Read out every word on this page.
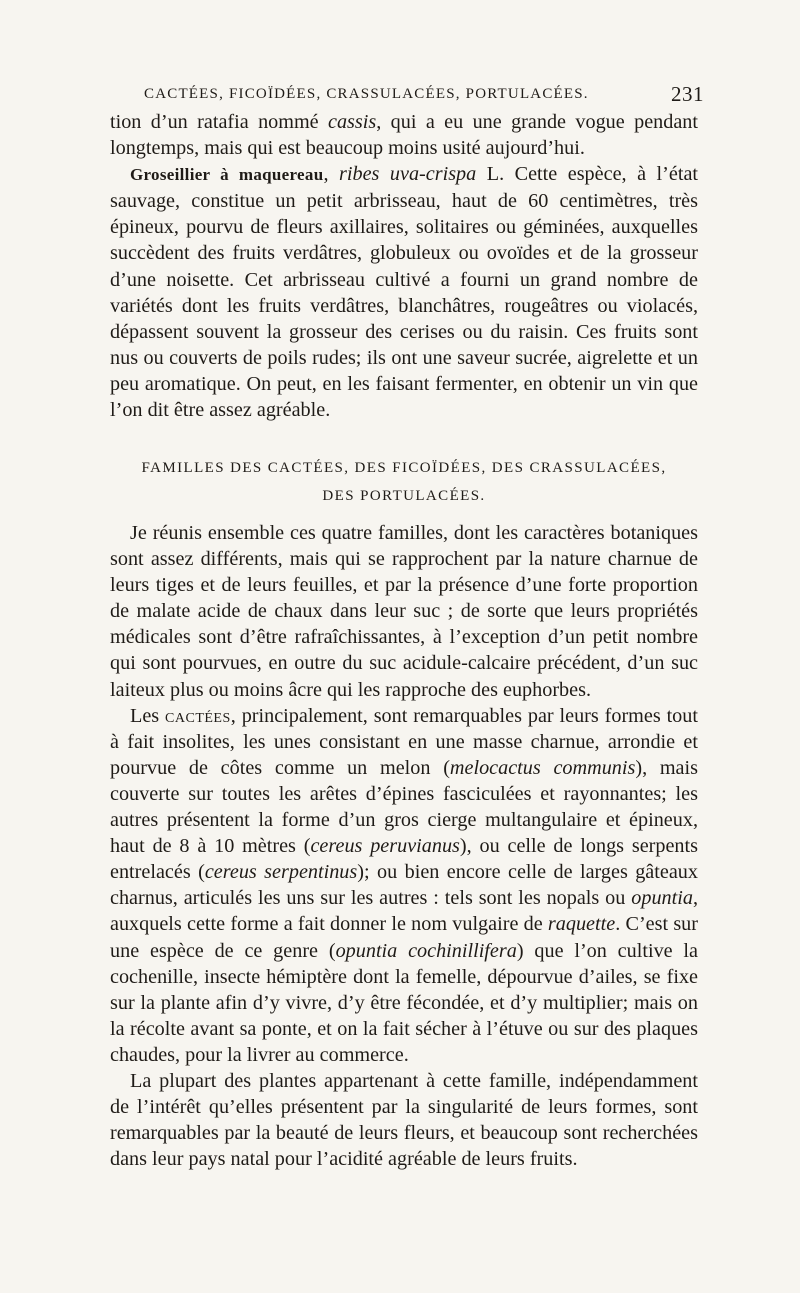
CACTÉES, FICOÏDÉES, CRASSULACÉES, PORTULACÉES.	231

tion d’un ratafia nommé cassis, qui a eu une grande vogue pendant longtemps, mais qui est beaucoup moins usité aujourd’hui.

Groseillier à maquereau, ribes uva-crispa L. Cette espèce, à l’état sauvage, constitue un petit arbrisseau, haut de 60 centimètres, très épineux, pourvu de fleurs axillaires, solitaires ou géminées, auxquelles succèdent des fruits verdâtres, globuleux ou ovoïdes et de la grosseur d’une noisette. Cet arbrisseau cultivé a fourni un grand nombre de variétés dont les fruits verdâtres, blanchâtres, rougeâtres ou violacés, dépassent souvent la grosseur des cerises ou du raisin. Ces fruits sont nus ou couverts de poils rudes; ils ont une saveur sucrée, aigrelette et un peu aromatique. On peut, en les faisant fermenter, en obtenir un vin que l’on dit être assez agréable.

FAMILLES DES CACTÉES, DES FICOÏDÉES, DES CRASSULACÉES,
DES PORTULACÉES.

Je réunis ensemble ces quatre familles, dont les caractères botaniques sont assez différents, mais qui se rapprochent par la nature charnue de leurs tiges et de leurs feuilles, et par la présence d’une forte proportion de malate acide de chaux dans leur suc ; de sorte que leurs propriétés médicales sont d’être rafraîchissantes, à l’exception d’un petit nombre qui sont pourvues, en outre du suc acidule-calcaire précédent, d’un suc laiteux plus ou moins âcre qui les rapproche des euphorbes.

Les cactées, principalement, sont remarquables par leurs formes tout à fait insolites, les unes consistant en une masse charnue, arrondie et pourvue de côtes comme un melon (melocactus communis), mais couverte sur toutes les arêtes d’épines fasciculées et rayonnantes; les autres présentent la forme d’un gros cierge multangulaire et épineux, haut de 8 à 10 mètres (cereus peruvianus), ou celle de longs serpents entrelacés (cereus serpentinus); ou bien encore celle de larges gâteaux charnus, articulés les uns sur les autres : tels sont les nopals ou opuntia, auxquels cette forme a fait donner le nom vulgaire de raquette. C’est sur une espèce de ce genre (opuntia cochinillifera) que l’on cultive la cochenille, insecte hémiptère dont la femelle, dépourvue d’ailes, se fixe sur la plante afin d’y vivre, d’y être fécondée, et d’y multiplier; mais on la récolte avant sa ponte, et on la fait sécher à l’étuve ou sur des plaques chaudes, pour la livrer au commerce.

La plupart des plantes appartenant à cette famille, indépendamment de l’intérêt qu’elles présentent par la singularité de leurs formes, sont remarquables par la beauté de leurs fleurs, et beaucoup sont recherchées dans leur pays natal pour l’acidité agréable de leurs fruits.
